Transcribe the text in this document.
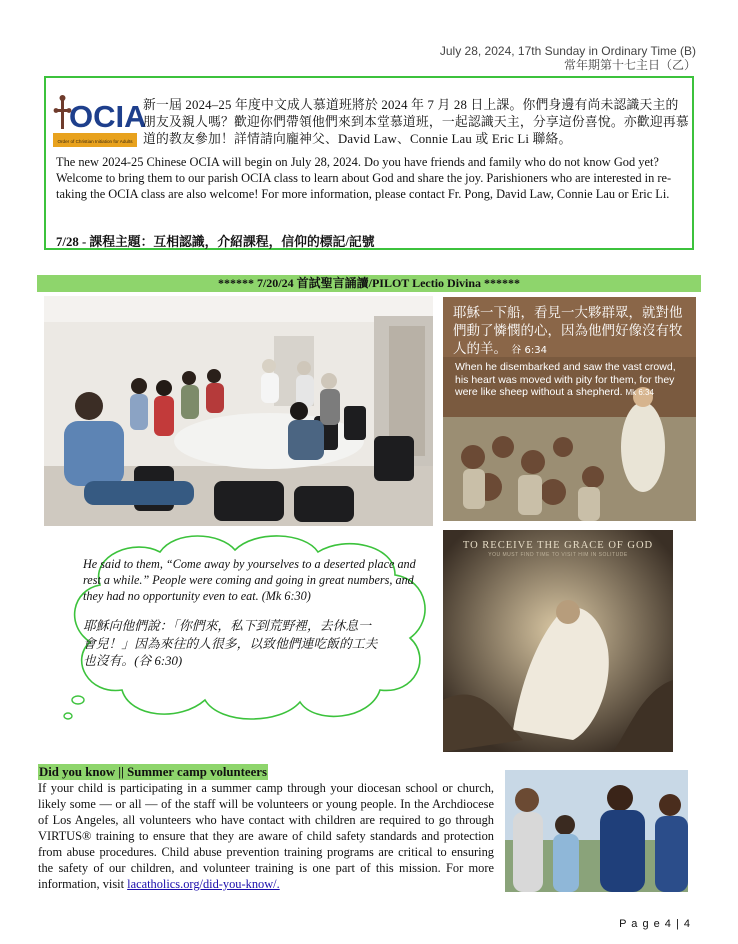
July 28, 2024, 17th Sunday in Ordinary Time (B)
常年期第十七主日（乙）
OCIA
Order of Christian Initiation for Adults
新一屆 2024–25 年度中文成人慕道班將於 2024 年 7 月 28 日上課。你們身邊有尚未認識天主的朋友及親人嗎？歡迎你們帶領他們來到本堂慕道班，一起認識天主，分享這份喜悅。亦歡迎再慕道的教友參加！詳情請向龐神父、David Law、Connie Lau 或 Eric Li 聯絡。
The new 2024-25 Chinese OCIA will begin on July 28, 2024. Do you have friends and family who do not know God yet? Welcome to bring them to our parish OCIA class to learn about God and share the joy. Parishioners who are interested in re-taking the OCIA class are also welcome! For more information, please contact Fr. Pong, David Law, Connie Lau or Eric Li.
7/28 - 課程主題：互相認識，介紹課程，信仰的標記/記號
****** 7/20/24 首試聖言誦讀/PILOT Lectio Divina ******
耶穌一下船，看見一大夥群眾，就對他們動了憐憫的心，因為他們好像沒有牧人的羊。 谷 6:34
When he disembarked and saw the vast crowd, his heart was moved with pity for them, for they were like sheep without a shepherd. Mk 6:34
He said to them, “Come away by yourselves to a deserted place and rest a while.” People were coming and going in great numbers, and they had no opportunity even to eat. (Mk 6:30)
耶穌向他們說：「你們來，私下到荒野裡，去休息一會兒！」因為來往的人很多，以致他們連吃飯的工夫也沒有。(谷 6:30)
TO RECEIVE THE GRACE OF GOD
YOU MUST FIND TIME TO VISIT HIM IN SOLITUDE
Did you know || Summer camp volunteers
If your child is participating in a summer camp through your diocesan school or church, likely some — or all — of the staff will be volunteers or young people. In the Archdiocese of Los Angeles, all volunteers who have contact with children are required to go through VIRTUS® training to ensure that they are aware of child safety standards and protection from abuse procedures. Child abuse prevention training programs are critical to ensuring the safety of our children, and volunteer training is one part of this mission. For more information, visit lacatholics.org/did-you-know/.
P a g e 4 | 4
